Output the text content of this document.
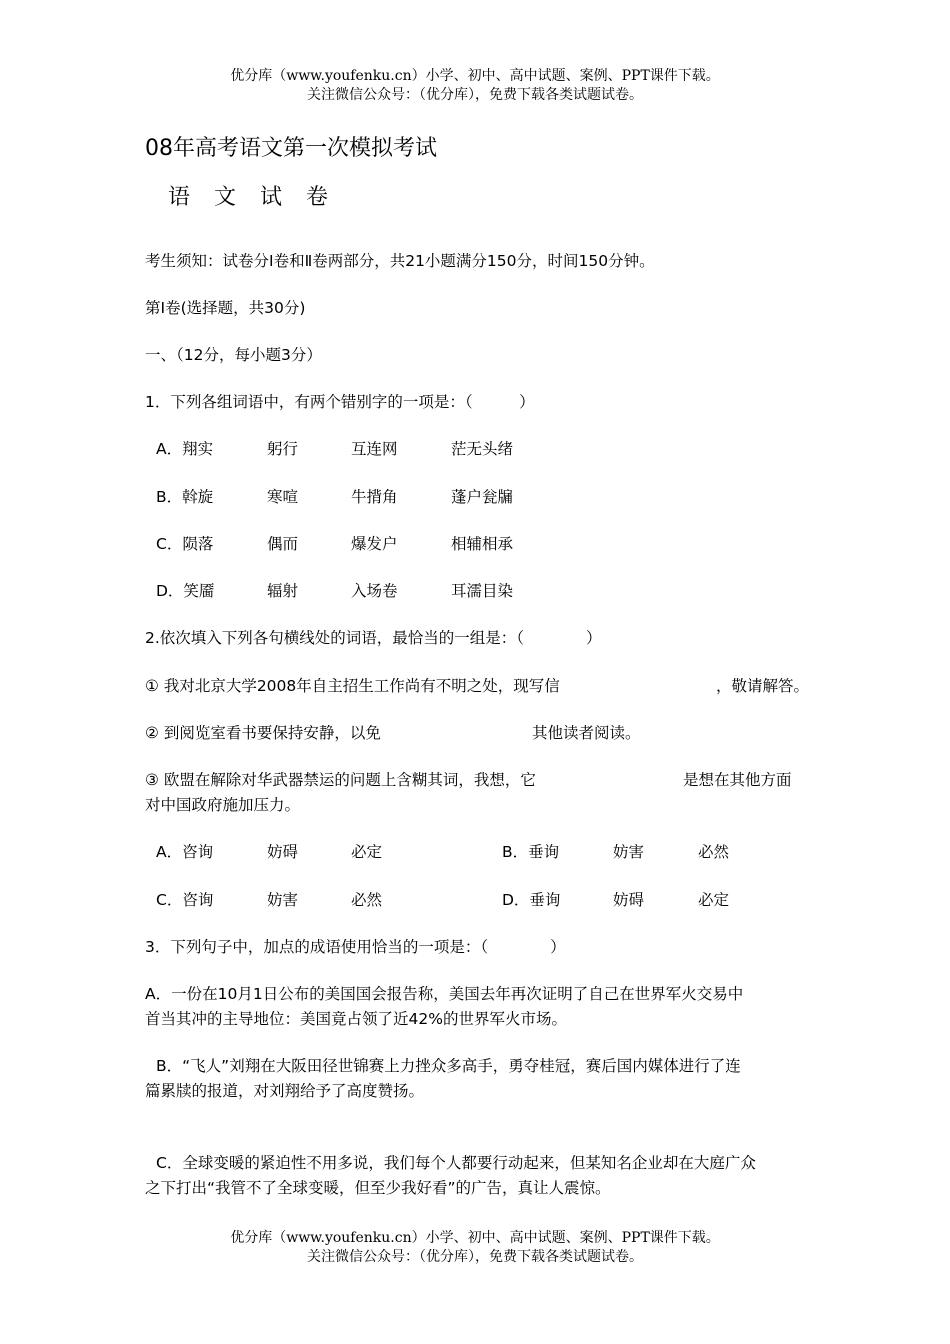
优分库（www.youfenku.cn）小学、初中、高中试题、案例、PPT课件下载。
关注微信公众号：（优分库），免费下载各类试题试卷。
08年高考语文第一次模拟考试
语 文 试 卷
考生须知：试卷分Ⅰ卷和Ⅱ卷两部分，共21小题满分150分，时间150分钟。
第Ⅰ卷(选择题，共30分)
一、（12分，每小题3分）
1．下列各组词语中，有两个错别字的一项是：（　　　）
A．翔实	躬行	互连网	茫无头绪
B．斡旋	寒喧	牛揹角	蓬户瓮牖
C．陨落	偶而	爆发户	相辅相承
D．笑靥	辐射	入场卷	耳濡目染
2.依次填入下列各句横线处的词语，最恰当的一组是：（　　　　）
① 我对北京大学2008年自主招生工作尚有不明之处，现写信	，敬请解答。
② 到阅览室看书要保持安静，以免	其他读者阅读。
③ 欧盟在解除对华武器禁运的问题上含糊其词，我想，它	是想在其他方面
对中国政府施加压力。
A．咨询	妨碍	必定	B．垂询	妨害	必然
C．咨询	妨害	必然	D．垂询	妨碍	必定
3．下列句子中，加点的成语使用恰当的一项是：（　　　　）
A．一份在10月1日公布的美国国会报告称，美国去年再次证明了自己在世界军火交易中
首当其冲的主导地位：美国竟占领了近42%的世界军火市场。
B．“飞人”刘翔在大阪田径世锦赛上力挫众多高手，勇夺桂冠，赛后国内媒体进行了连
篇累牍的报道，对刘翔给予了高度赞扬。
C．全球变暖的紧迫性不用多说，我们每个人都要行动起来，但某知名企业却在大庭广众
之下打出“我管不了全球变暖，但至少我好看”的广告，真让人震惊。
优分库（www.youfenku.cn）小学、初中、高中试题、案例、PPT课件下载。
关注微信公众号：（优分库），免费下载各类试题试卷。
